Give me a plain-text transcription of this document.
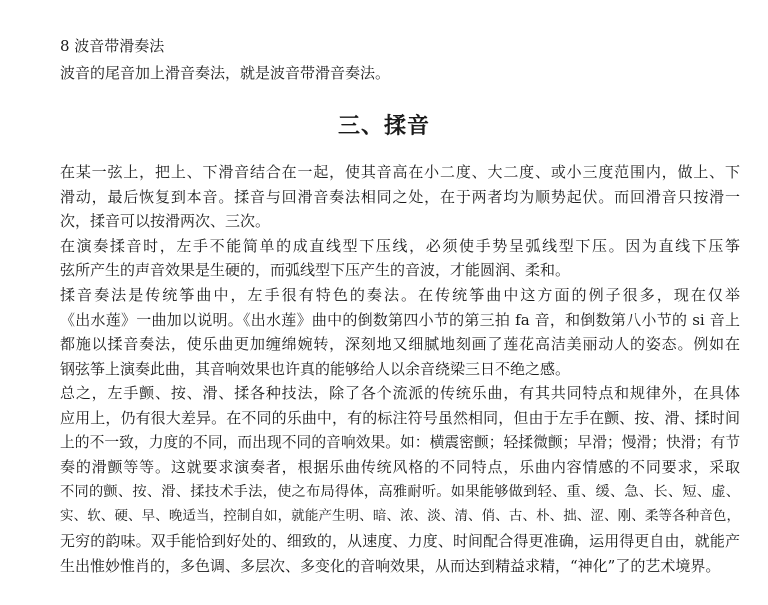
8 波音带滑奏法

波音的尾音加上滑音奏法，就是波音带滑音奏法。

三、揉音
在某一弦上，把上、下滑音结合在一起，使其音高在小二度、大二度、或小三度范围内，做上、下
滑动，最后恢复到本音。揉音与回滑音奏法相同之处，在于两者均为顺势起伏。而回滑音只按滑一
次，揉音可以按滑两次、三次。
在演奏揉音时，左手不能简单的成直线型下压线，必须使手势呈弧线型下压。因为直线下压筝
弦所产生的声音效果是生硬的，而弧线型下压产生的音波，才能圆润、柔和。
揉音奏法是传统筝曲中，左手很有特色的奏法。在传统筝曲中这方面的例子很多，现在仅举
《出水莲》一曲加以说明。《出水莲》曲中的倒数第四小节的第三拍 fa 音，和倒数第八小节的 si 音上
都施以揉音奏法，使乐曲更加缠绵婉转，深刻地又细腻地刻画了莲花高洁美丽动人的姿态。例如在
钢弦筝上演奏此曲，其音响效果也许真的能够给人以余音绕梁三日不绝之感。
总之，左手颤、按、滑、揉各种技法，除了各个流派的传统乐曲，有其共同特点和规律外，在具体
应用上，仍有很大差异。在不同的乐曲中，有的标注符号虽然相同，但由于左手在颤、按、滑、揉时间
上的不一致，力度的不同，而出现不同的音响效果。如：横震密颤；轻揉微颤；早滑；慢滑；快滑；有节
奏的滑颤等等。这就要求演奏者，根据乐曲传统风格的不同特点，乐曲内容情感的不同要求，采取
不同的颤、按、滑、揉技术手法，使之布局得体，高雅耐听。如果能够做到轻、重、缓、急、长、短、虚、
实、软、硬、早、晚适当，控制自如，就能产生明、暗、浓、淡、清、俏、古、朴、拙、涩、刚、柔等各种音色，
无穷的韵味。双手能恰到好处的、细致的，从速度、力度、时间配合得更准确，运用得更自由，就能产
生出惟妙惟肖的，多色调、多层次、多变化的音响效果，从而达到精益求精，“神化”了的艺术境界。
